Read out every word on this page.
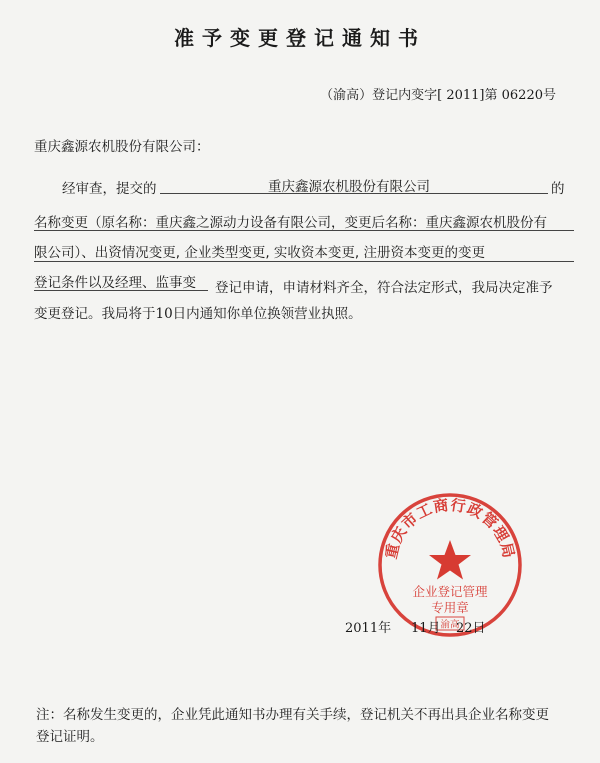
准予变更登记通知书
（渝高）登记内变字[ 2011]第 06220号
重庆鑫源农机股份有限公司：
经审查，提交的	重庆鑫源农机股份有限公司	的
名称变更（原名称：重庆鑫之源动力设备有限公司，变更后名称：重庆鑫源农机股份有
限公司）、出资情况变更, 企业类型变更, 实收资本变更, 注册资本变更的变更
登记条件以及经理、监事变 登记申请，申请材料齐全，符合法定形式，我局决定准予
变更登记。我局将于10日内通知你单位换领营业执照。
重庆市工商行政管理局
企业登记管理
专用章
渝高
2011年 11月 22日
注：名称发生变更的，企业凭此通知书办理有关手续，登记机关不再出具企业名称变更
登记证明。
